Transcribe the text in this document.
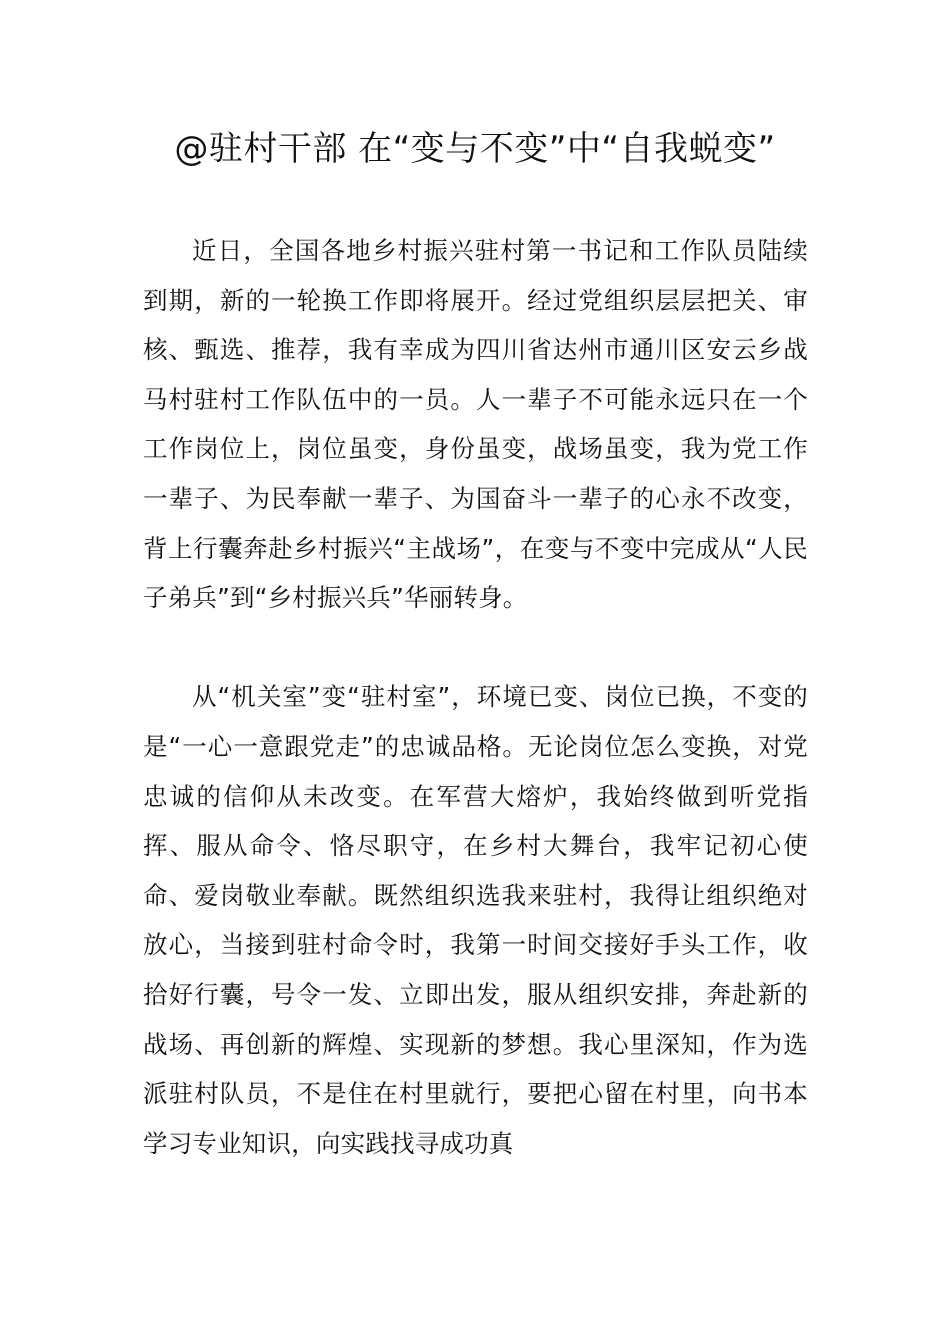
@驻村干部 在“变与不变”中“自我蜕变”

近日，全国各地乡村振兴驻村第一书记和工作队员陆续到期，新的一轮换工作即将展开。经过党组织层层把关、审核、甄选、推荐，我有幸成为四川省达州市通川区安云乡战马村驻村工作队伍中的一员。人一辈子不可能永远只在一个工作岗位上，岗位虽变，身份虽变，战场虽变，我为党工作一辈子、为民奉献一辈子、为国奋斗一辈子的心永不改变，背上行囊奔赴乡村振兴“主战场”，在变与不变中完成从“人民子弟兵”到“乡村振兴兵”华丽转身。

从“机关室”变“驻村室”，环境已变、岗位已换，不变的是“一心一意跟党走”的忠诚品格。无论岗位怎么变换，对党忠诚的信仰从未改变。在军营大熔炉，我始终做到听党指挥、服从命令、恪尽职守，在乡村大舞台，我牢记初心使命、爱岗敬业奉献。既然组织选我来驻村，我得让组织绝对放心，当接到驻村命令时，我第一时间交接好手头工作，收拾好行囊，号令一发、立即出发，服从组织安排，奔赴新的战场、再创新的辉煌、实现新的梦想。我心里深知，作为选派驻村队员，不是住在村里就行，要把心留在村里，向书本学习专业知识，向实践找寻成功真
